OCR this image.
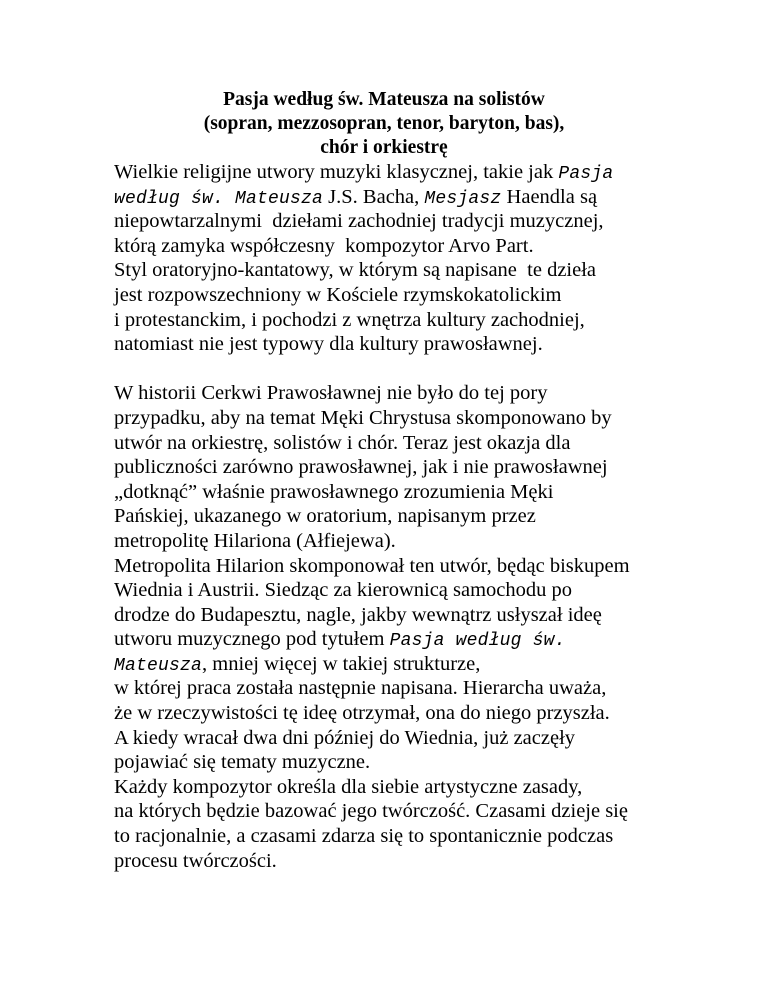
Pasja według św. Mateusza na solistów
(sopran, mezzosopran, tenor, baryton, bas),
chór i orkiestrę
Wielkie religijne utwory muzyki klasycznej, takie jak Pasja
według św. Mateusza J.S. Bacha, Mesjasz Haendla są
niepowtarzalnymi  dziełami zachodniej tradycji muzycznej,
którą zamyka współczesny  kompozytor Arvo Part.
Styl oratoryjno-kantatowy, w którym są napisane  te dzieła
jest rozpowszechniony w Kościele rzymskokatolickim
i protestanckim, i pochodzi z wnętrza kultury zachodniej,
natomiast nie jest typowy dla kultury prawosławnej.
W historii Cerkwi Prawosławnej nie było do tej pory
przypadku, aby na temat Męki Chrystusa skomponowano by
utwór na orkiestrę, solistów i chór. Teraz jest okazja dla
publiczności zarówno prawosławnej, jak i nie prawosławnej
„dotknąć” właśnie prawosławnego zrozumienia Męki
Pańskiej, ukazanego w oratorium, napisanym przez
metropolitę Hilariona (Ałfiejewa).
Metropolita Hilarion skomponował ten utwór, będąc biskupem
Wiednia i Austrii. Siedząc za kierownicą samochodu po
drodze do Budapesztu, nagle, jakby wewnątrz usłyszał ideę
utworu muzycznego pod tytułem Pasja według św.
Mateusza, mniej więcej w takiej strukturze,
w której praca została następnie napisana. Hierarcha uważa,
że w rzeczywistości tę ideę otrzymał, ona do niego przyszła.
A kiedy wracał dwa dni później do Wiednia, już zaczęły
pojawiać się tematy muzyczne.
Każdy kompozytor określa dla siebie artystyczne zasady,
na których będzie bazować jego twórczość. Czasami dzieje się
to racjonalnie, a czasami zdarza się to spontanicznie podczas
procesu twórczości.
